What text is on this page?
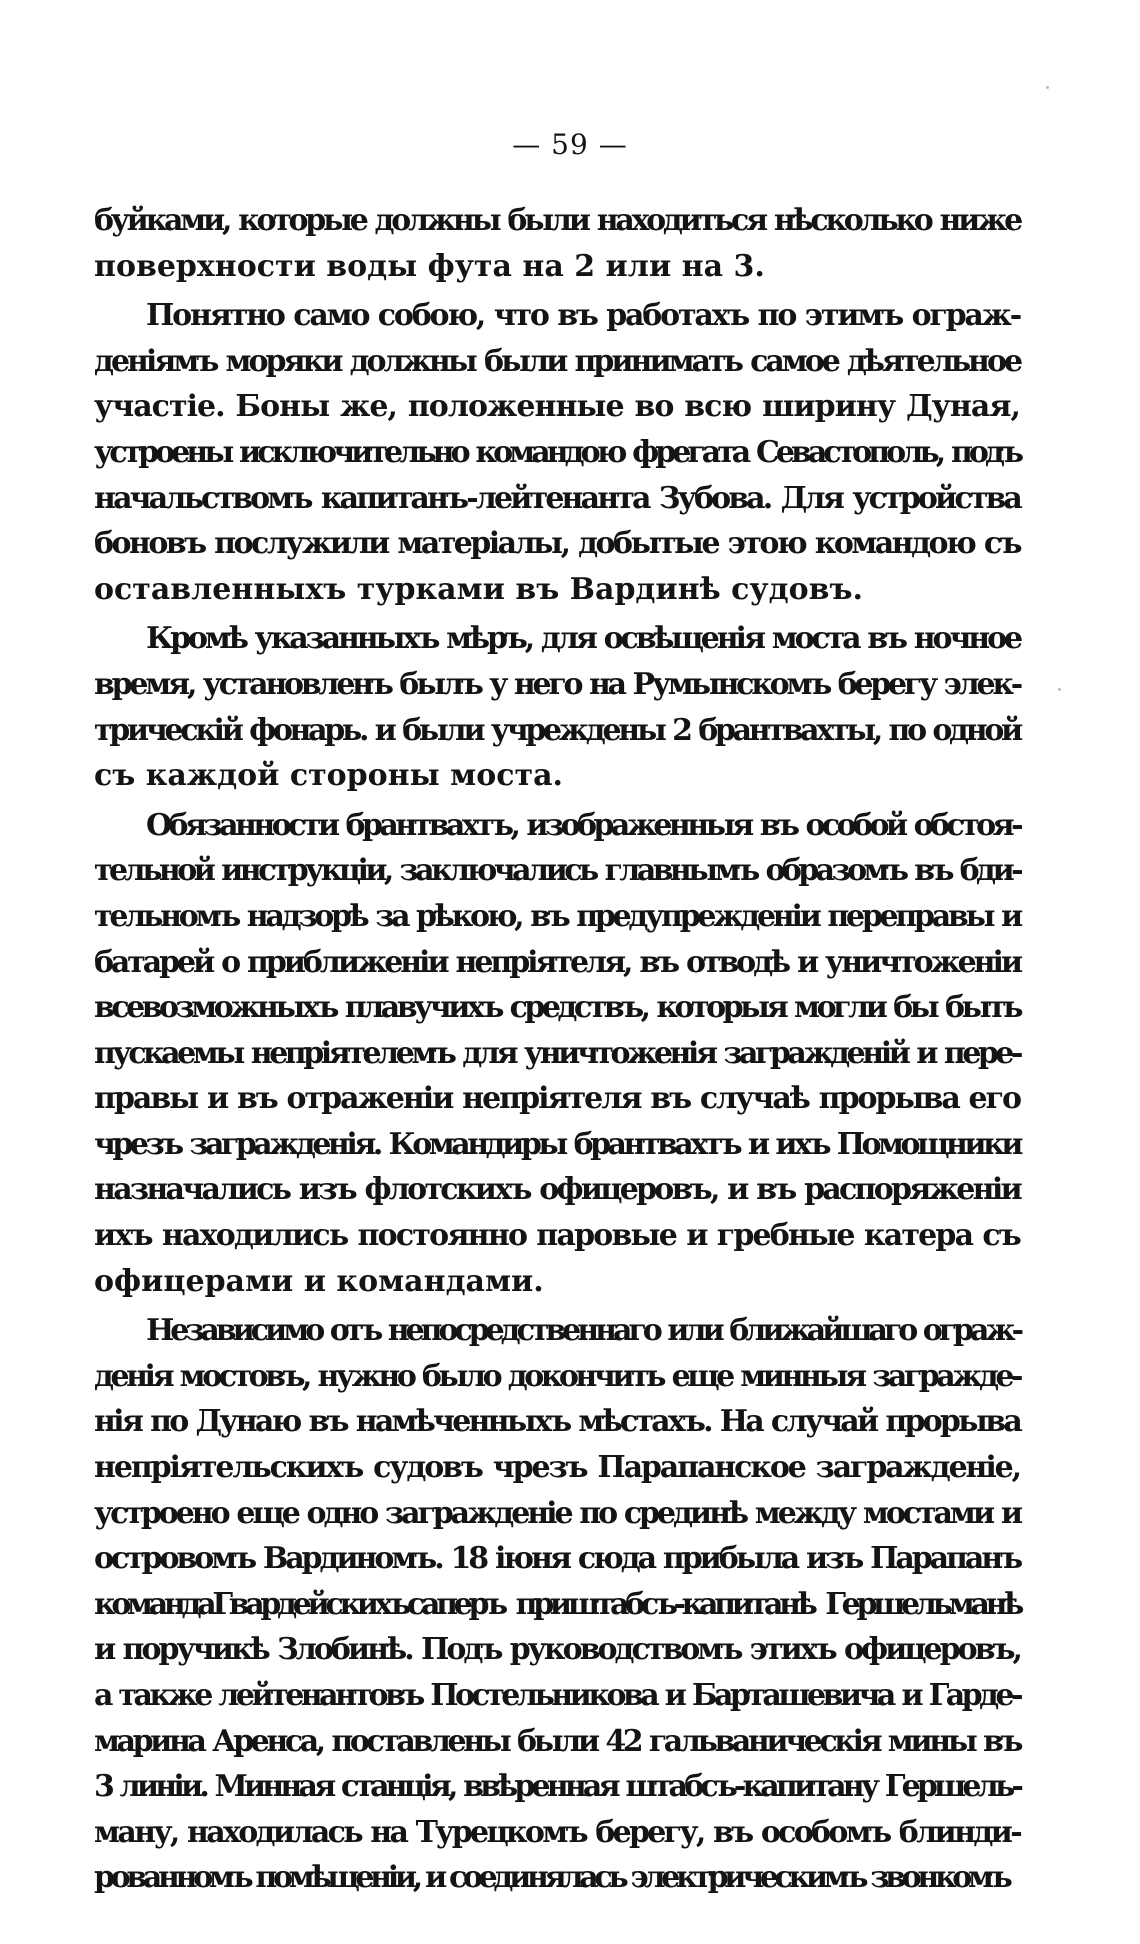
— 59 —
буйками, которые должны были находиться нѣсколько ниже
поверхности воды фута на 2 или на 3.
Понятно само собою, что въ работахъ по этимъ ограж-
деніямъ моряки должны были принимать самое дѣятельное
участіе. Боны же, положенные во всю ширину Дуная,
устроены исключительно командою фрегата Севастополь, подъ
начальствомъ капитанъ-лейтенанта Зубова. Для устройства
боновъ послужили матеріалы, добытые этою командою съ
оставленныхъ турками въ Вардинѣ судовъ.
Кромѣ указанныхъ мѣръ, для освѣщенія моста въ ночное
время, установленъ былъ у него на Румынскомъ берегу элек-
трическій фонарь. и были учреждены 2 брантвахты, по одной
съ каждой стороны моста.
Обязанности брантвахтъ, изображенныя въ особой обстоя-
тельной инструкціи, заключались главнымъ образомъ въ бди-
тельномъ надзорѣ за рѣкою, въ предупрежденіи переправы и
батарей о приближеніи непріятеля, въ отводѣ и уничтоженіи
всевозможныхъ плавучихъ средствъ, которыя могли бы быть
пускаемы непріятелемъ для уничтоженія загражденій и пере-
правы и въ отраженіи непріятеля въ случаѣ прорыва его
чрезъ загражденія. Командиры брантвахтъ и ихъ Помощники
назначались изъ флотскихъ офицеровъ, и въ распоряженіи
ихъ находились постоянно паровые и гребные катера съ
офицерами и командами.
Независимо отъ непосредственнаго или ближайшаго ограж-
денія мостовъ, нужно было докончить еще минныя загражде-
нія по Дунаю въ намѣченныхъ мѣстахъ. На случай прорыва
непріятельскихъ судовъ чрезъ Парапанское загражденіе,
устроено еще одно загражденіе по срединѣ между мостами и
островомъ Вардиномъ. 18 іюня сюда прибыла изъ Парапанъ
командаГвардейскихъсаперъ приштабсъ-капитанѣ Гершельманѣ
и поручикѣ Злобинѣ. Подъ руководствомъ этихъ офицеровъ,
а также лейтенантовъ Постельникова и Барташевича и Гарде-
марина Аренса, поставлены были 42 гальваническія мины въ
3 линіи. Минная станція, ввѣренная штабсъ-капитану Гершель-
ману, находилась на Турецкомъ берегу, въ особомъ блинди-
рованномъ помѣщеніи, и соединялась электрическимъ звонкомъ
